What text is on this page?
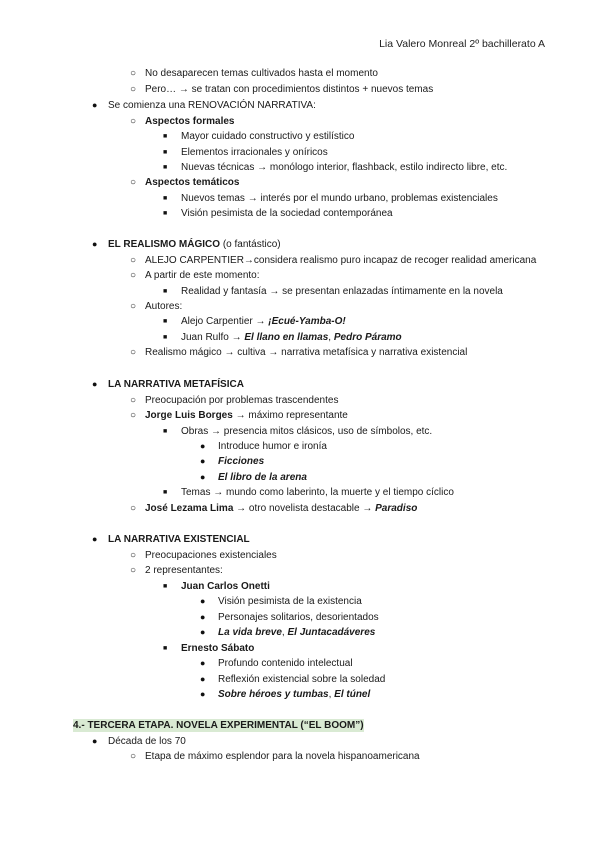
Lia Valero Monreal 2º bachillerato A
○ No desaparecen temas cultivados hasta el momento
○ Pero… → se tratan con procedimientos distintos + nuevos temas
● Se comienza una RENOVACIÓN NARRATIVA:
○ Aspectos formales
■ Mayor cuidado constructivo y estilístico
■ Elementos irracionales y oníricos
■ Nuevas técnicas → monólogo interior, flashback, estilo indirecto libre, etc.
○ Aspectos temáticos
■ Nuevos temas → interés por el mundo urbano, problemas existenciales
■ Visión pesimista de la sociedad contemporánea
● EL REALISMO MÁGICO (o fantástico)
○ ALEJO CARPENTIER→considera realismo puro incapaz de recoger realidad americana
○ A partir de este momento:
■ Realidad y fantasía → se presentan enlazadas íntimamente en la novela
○ Autores:
■ Alejo Carpentier → ¡Ecué-Yamba-O!
■ Juan Rulfo → El llano en llamas, Pedro Páramo
○ Realismo mágico → cultiva → narrativa metafísica y narrativa existencial
● LA NARRATIVA METAFÍSICA
○ Preocupación por problemas trascendentes
○ Jorge Luis Borges → máximo representante
■ Obras → presencia mitos clásicos, uso de símbolos, etc.
● Introduce humor e ironía
● Ficciones
● El libro de la arena
■ Temas → mundo como laberinto, la muerte y el tiempo cíclico
○ José Lezama Lima → otro novelista destacable → Paradiso
● LA NARRATIVA EXISTENCIAL
○ Preocupaciones existenciales
○ 2 representantes:
■ Juan Carlos Onetti
● Visión pesimista de la existencia
● Personajes solitarios, desorientados
● La vida breve, El Juntacadáveres
■ Ernesto Sábato
● Profundo contenido intelectual
● Reflexión existencial sobre la soledad
● Sobre héroes y tumbas, El túnel
4.- TERCERA ETAPA. NOVELA EXPERIMENTAL (“EL BOOM”)
● Década de los 70
○ Etapa de máximo esplendor para la novela hispanoamericana
